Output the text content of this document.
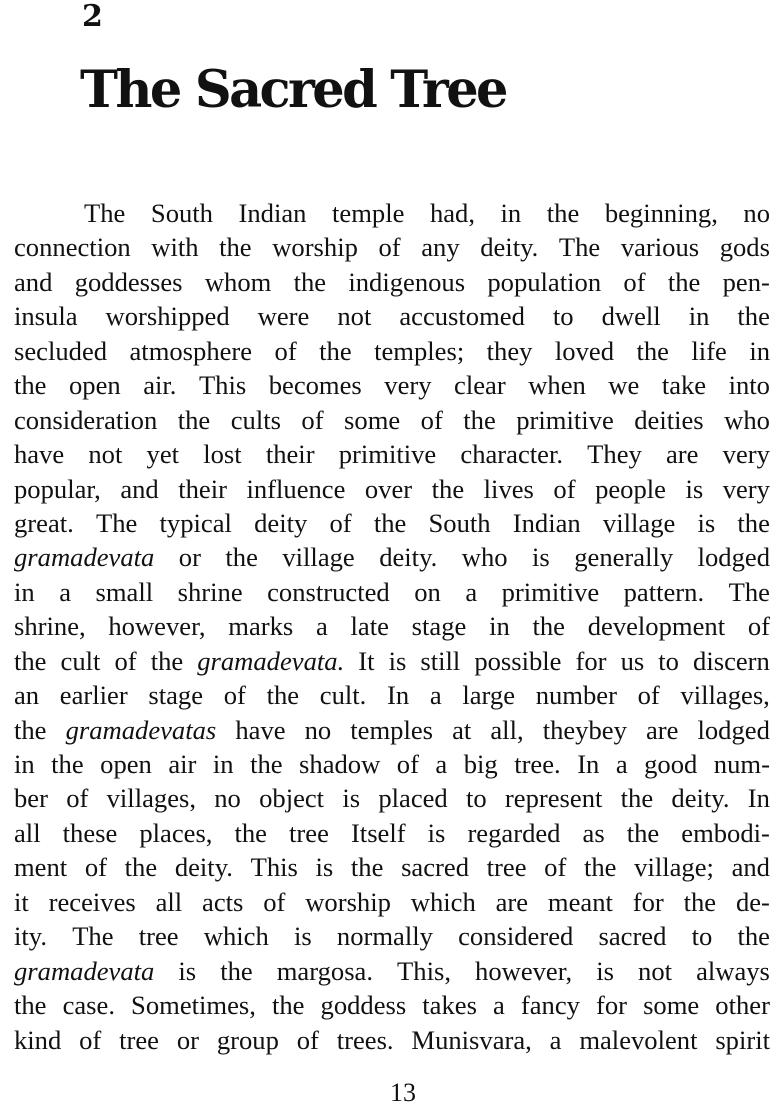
2
The Sacred Tree
The South Indian temple had, in the beginning, no
connection with the worship of any deity. The various gods
and goddesses whom the indigenous population of the pen-
insula worshipped were not accustomed to dwell in the
secluded atmosphere of the temples; they loved the life in
the open air. This becomes very clear when we take into
consideration the cults of some of the primitive deities who
have not yet lost their primitive character. They are very
popular, and their influence over the lives of people is very
great. The typical deity of the South Indian village is the
gramadevata or the village deity. who is generally lodged
in a small shrine constructed on a primitive pattern. The
shrine, however, marks a late stage in the development of
the cult of the gramadevata. It is still possible for us to discern
an earlier stage of the cult. In a large number of villages,
the gramadevatas have no temples at all, theybey are lodged
in the open air in the shadow of a big tree. In a good num-
ber of villages, no object is placed to represent the deity. In
all these places, the tree Itself is regarded as the embodi-
ment of the deity. This is the sacred tree of the village; and
it receives all acts of worship which are meant for the de-
ity. The tree which is normally considered sacred to the
gramadevata is the margosa. This, however, is not always
the case. Sometimes, the goddess takes a fancy for some other
kind of tree or group of trees. Munisvara, a malevolent spirit
13
